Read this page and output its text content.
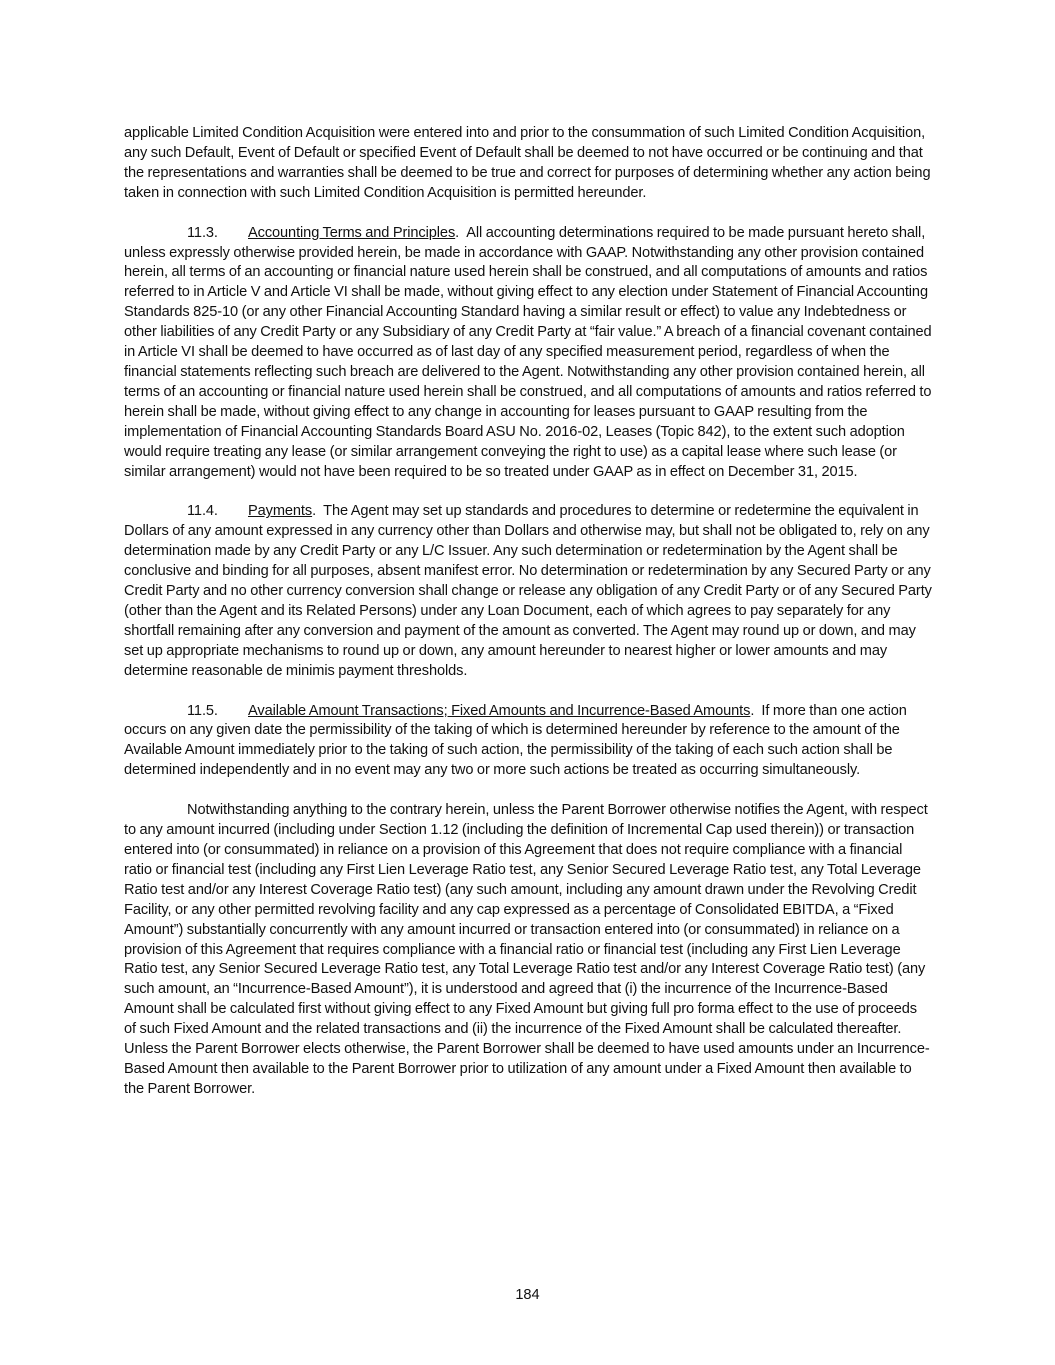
applicable Limited Condition Acquisition were entered into and prior to the consummation of such Limited Condition Acquisition, any such Default, Event of Default or specified Event of Default shall be deemed to not have occurred or be continuing and that the representations and warranties shall be deemed to be true and correct for purposes of determining whether any action being taken in connection with such Limited Condition Acquisition is permitted hereunder.

11.3. Accounting Terms and Principles.  All accounting determinations required to be made pursuant hereto shall, unless expressly otherwise provided herein, be made in accordance with GAAP. Notwithstanding any other provision contained herein, all terms of an accounting or financial nature used herein shall be construed, and all computations of amounts and ratios referred to in Article V and Article VI shall be made, without giving effect to any election under Statement of Financial Accounting Standards 825-10 (or any other Financial Accounting Standard having a similar result or effect) to value any Indebtedness or other liabilities of any Credit Party or any Subsidiary of any Credit Party at “fair value.” A breach of a financial covenant contained in Article VI shall be deemed to have occurred as of last day of any specified measurement period, regardless of when the financial statements reflecting such breach are delivered to the Agent. Notwithstanding any other provision contained herein, all terms of an accounting or financial nature used herein shall be construed, and all computations of amounts and ratios referred to herein shall be made, without giving effect to any change in accounting for leases pursuant to GAAP resulting from the implementation of Financial Accounting Standards Board ASU No. 2016-02, Leases (Topic 842), to the extent such adoption would require treating any lease (or similar arrangement conveying the right to use) as a capital lease where such lease (or similar arrangement) would not have been required to be so treated under GAAP as in effect on December 31, 2015.

11.4. Payments.  The Agent may set up standards and procedures to determine or redetermine the equivalent in Dollars of any amount expressed in any currency other than Dollars and otherwise may, but shall not be obligated to, rely on any determination made by any Credit Party or any L/C Issuer. Any such determination or redetermination by the Agent shall be conclusive and binding for all purposes, absent manifest error. No determination or redetermination by any Secured Party or any Credit Party and no other currency conversion shall change or release any obligation of any Credit Party or of any Secured Party (other than the Agent and its Related Persons) under any Loan Document, each of which agrees to pay separately for any shortfall remaining after any conversion and payment of the amount as converted. The Agent may round up or down, and may set up appropriate mechanisms to round up or down, any amount hereunder to nearest higher or lower amounts and may determine reasonable de minimis payment thresholds.

11.5. Available Amount Transactions; Fixed Amounts and Incurrence-Based Amounts.  If more than one action occurs on any given date the permissibility of the taking of which is determined hereunder by reference to the amount of the Available Amount immediately prior to the taking of such action, the permissibility of the taking of each such action shall be determined independently and in no event may any two or more such actions be treated as occurring simultaneously.

Notwithstanding anything to the contrary herein, unless the Parent Borrower otherwise notifies the Agent, with respect to any amount incurred (including under Section 1.12 (including the definition of Incremental Cap used therein)) or transaction entered into (or consummated) in reliance on a provision of this Agreement that does not require compliance with a financial ratio or financial test (including any First Lien Leverage Ratio test, any Senior Secured Leverage Ratio test, any Total Leverage Ratio test and/or any Interest Coverage Ratio test) (any such amount, including any amount drawn under the Revolving Credit Facility, or any other permitted revolving facility and any cap expressed as a percentage of Consolidated EBITDA, a “Fixed Amount”) substantially concurrently with any amount incurred or transaction entered into (or consummated) in reliance on a provision of this Agreement that requires compliance with a financial ratio or financial test (including any First Lien Leverage Ratio test, any Senior Secured Leverage Ratio test, any Total Leverage Ratio test and/or any Interest Coverage Ratio test) (any such amount, an “Incurrence-Based Amount”), it is understood and agreed that (i) the incurrence of the Incurrence-Based Amount shall be calculated first without giving effect to any Fixed Amount but giving full pro forma effect to the use of proceeds of such Fixed Amount and the related transactions and (ii) the incurrence of the Fixed Amount shall be calculated thereafter. Unless the Parent Borrower elects otherwise, the Parent Borrower shall be deemed to have used amounts under an Incurrence-Based Amount then available to the Parent Borrower prior to utilization of any amount under a Fixed Amount then available to the Parent Borrower.

184
